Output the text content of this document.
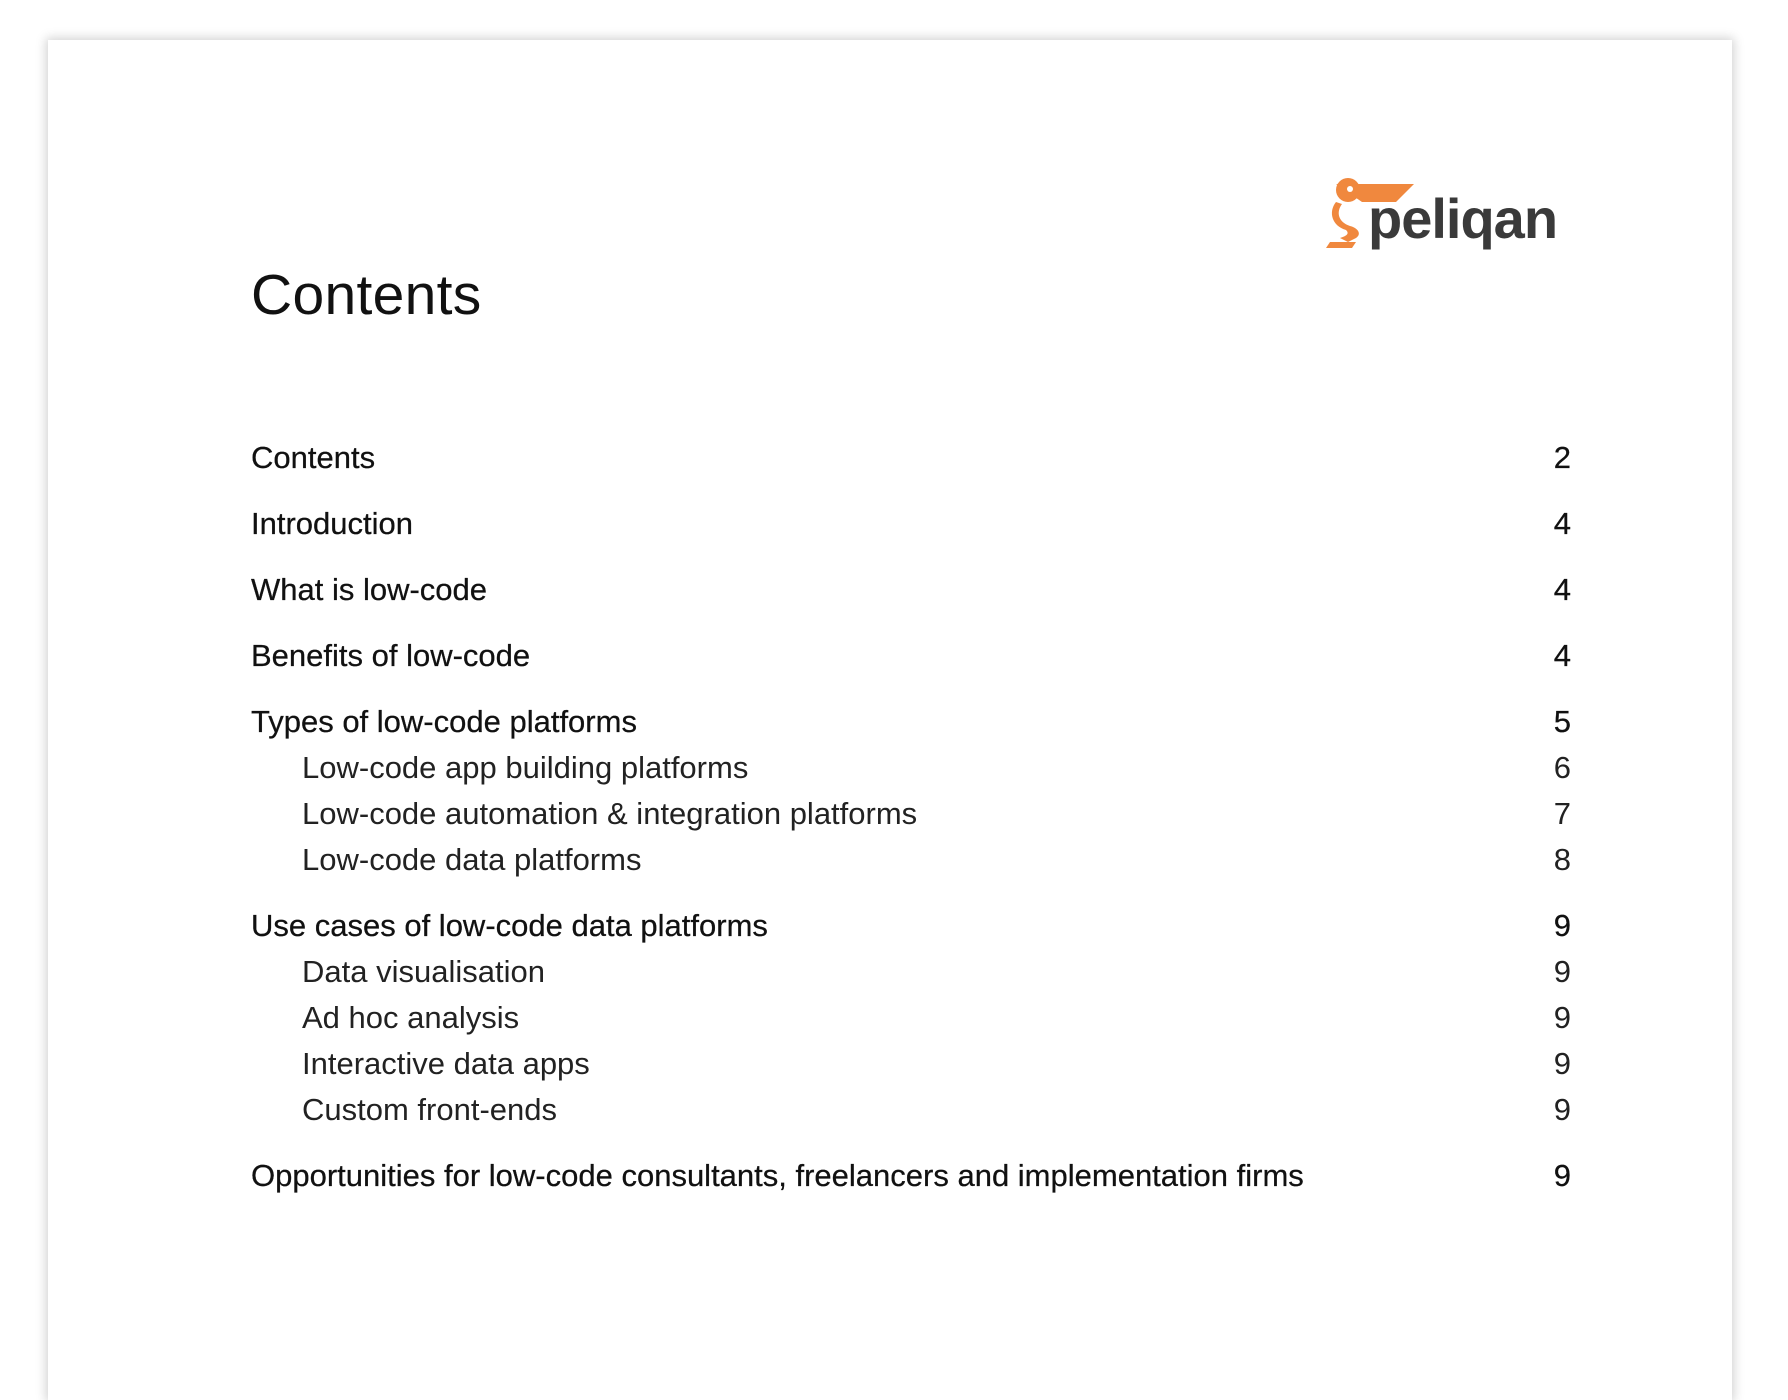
peliqan
Contents
Contents	2
Introduction	4
What is low-code	4
Benefits of low-code	4
Types of low-code platforms	5
Low-code app building platforms	6
Low-code automation & integration platforms	7
Low-code data platforms	8
Use cases of low-code data platforms	9
Data visualisation	9
Ad hoc analysis	9
Interactive data apps	9
Custom front-ends	9
Opportunities for low-code consultants, freelancers and implementation firms	9
